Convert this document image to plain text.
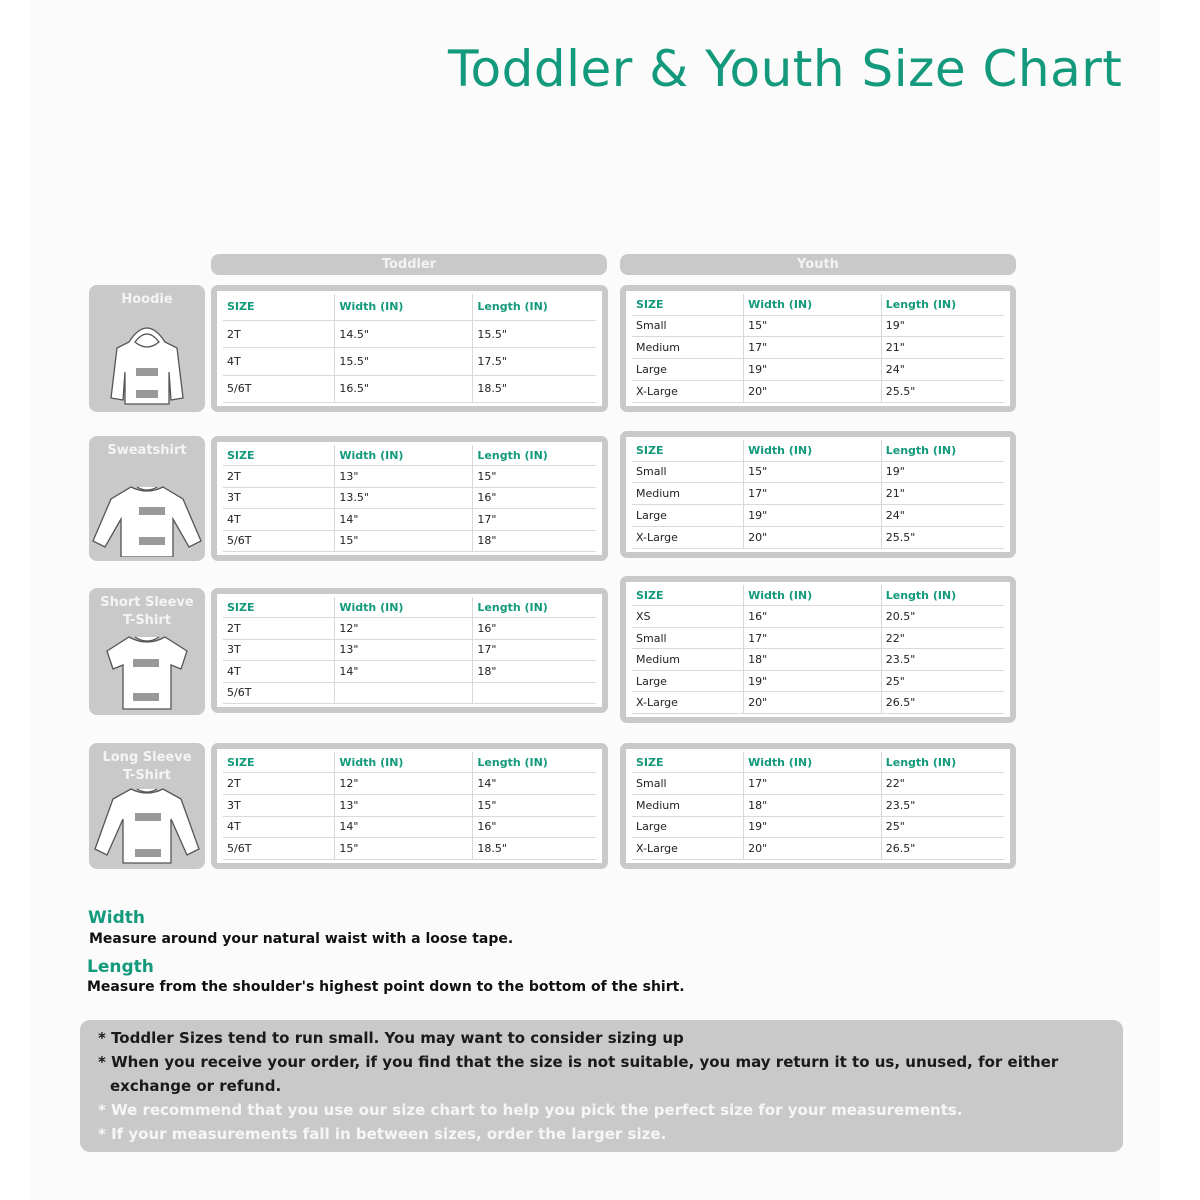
Toddler & Youth Size Chart
Toddler	Youth
Hoodie	SIZE	Width (IN)	Length (IN)
2T	14.5"	15.5"
4T	15.5"	17.5"
5/6T	16.5"	18.5"
SIZE	Width (IN)	Length (IN)
Small	15"	19"
Medium	17"	21"
Large	19"	24"
X-Large	20"	25.5"
Sweatshirt	SIZE	Width (IN)	Length (IN)
2T	13"	15"
3T	13.5"	16"
4T	14"	17"
5/6T	15"	18"
SIZE	Width (IN)	Length (IN)
Small	15"	19"
Medium	17"	21"
Large	19"	24"
X-Large	20"	25.5"
Short Sleeve
T-Shirt
SIZE	Width (IN)	Length (IN)
2T	12"	16"
3T	13"	17"
4T	14"	18"
5/6T		
SIZE	Width (IN)	Length (IN)
XS	16"	20.5"
Small	17"	22"
Medium	18"	23.5"
Large	19"	25"
X-Large	20"	26.5"
Long Sleeve
T-Shirt
SIZE	Width (IN)	Length (IN)
2T	12"	14"
3T	13"	15"
4T	14"	16"
5/6T	15"	18.5"
SIZE	Width (IN)	Length (IN)
Small	17"	22"
Medium	18"	23.5"
Large	19"	25"
X-Large	20"	26.5"
Width
Measure around your natural waist with a loose tape.
Length
Measure from the shoulder's highest point down to the bottom of the shirt.
* Toddler Sizes tend to run small. You may want to consider sizing up
* When you receive your order, if you find that the size is not suitable, you may return it to us, unused, for either exchange or refund.
* We recommend that you use our size chart to help you pick the perfect size for your measurements.
* If your measurements fall in between sizes, order the larger size.
